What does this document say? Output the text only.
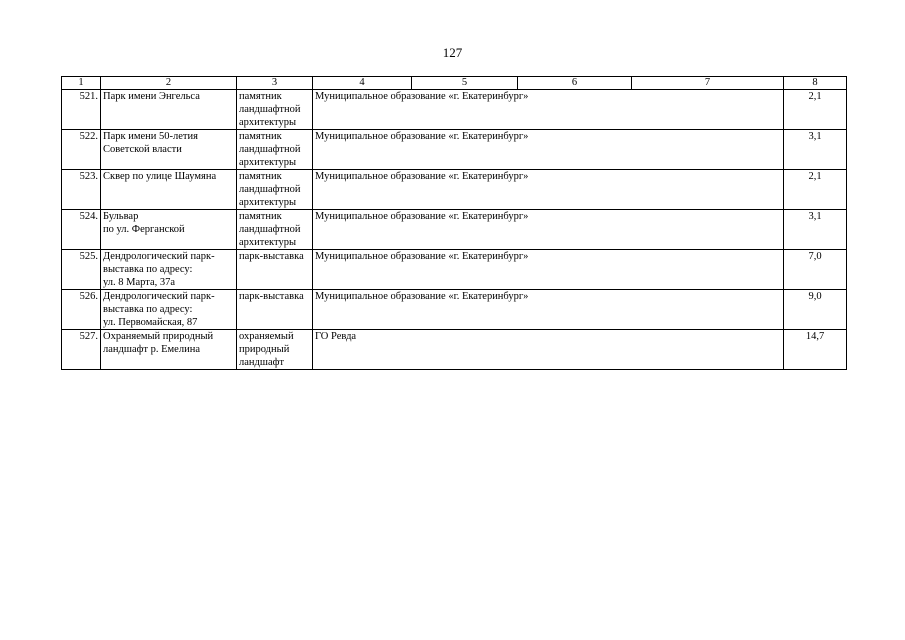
127
1	2	3	4	5	6	7	8
521.	Парк имени Энгельса	памятник
ландшафтной
архитектуры	Муниципальное образование «г. Екатеринбург»				2,1
522.	Парк имени 50-летия
Советской власти	памятник
ландшафтной
архитектуры	Муниципальное образование «г. Екатеринбург»				3,1
523.	Сквер по улице Шаумяна	памятник
ландшафтной
архитектуры	Муниципальное образование «г. Екатеринбург»				2,1
524.	Бульвар
по ул. Ферганской	памятник
ландшафтной
архитектуры	Муниципальное образование «г. Екатеринбург»				3,1
525.	Дендрологический парк-
выставка по адресу:
ул. 8 Марта, 37а	парк-выставка	Муниципальное образование «г. Екатеринбург»				7,0
526.	Дендрологический парк-
выставка по адресу:
ул. Первомайская, 87	парк-выставка	Муниципальное образование «г. Екатеринбург»				9,0
527.	Охраняемый природный
ландшафт р. Емелина	охраняемый
природный
ландшафт	ГО Ревда				14,7
